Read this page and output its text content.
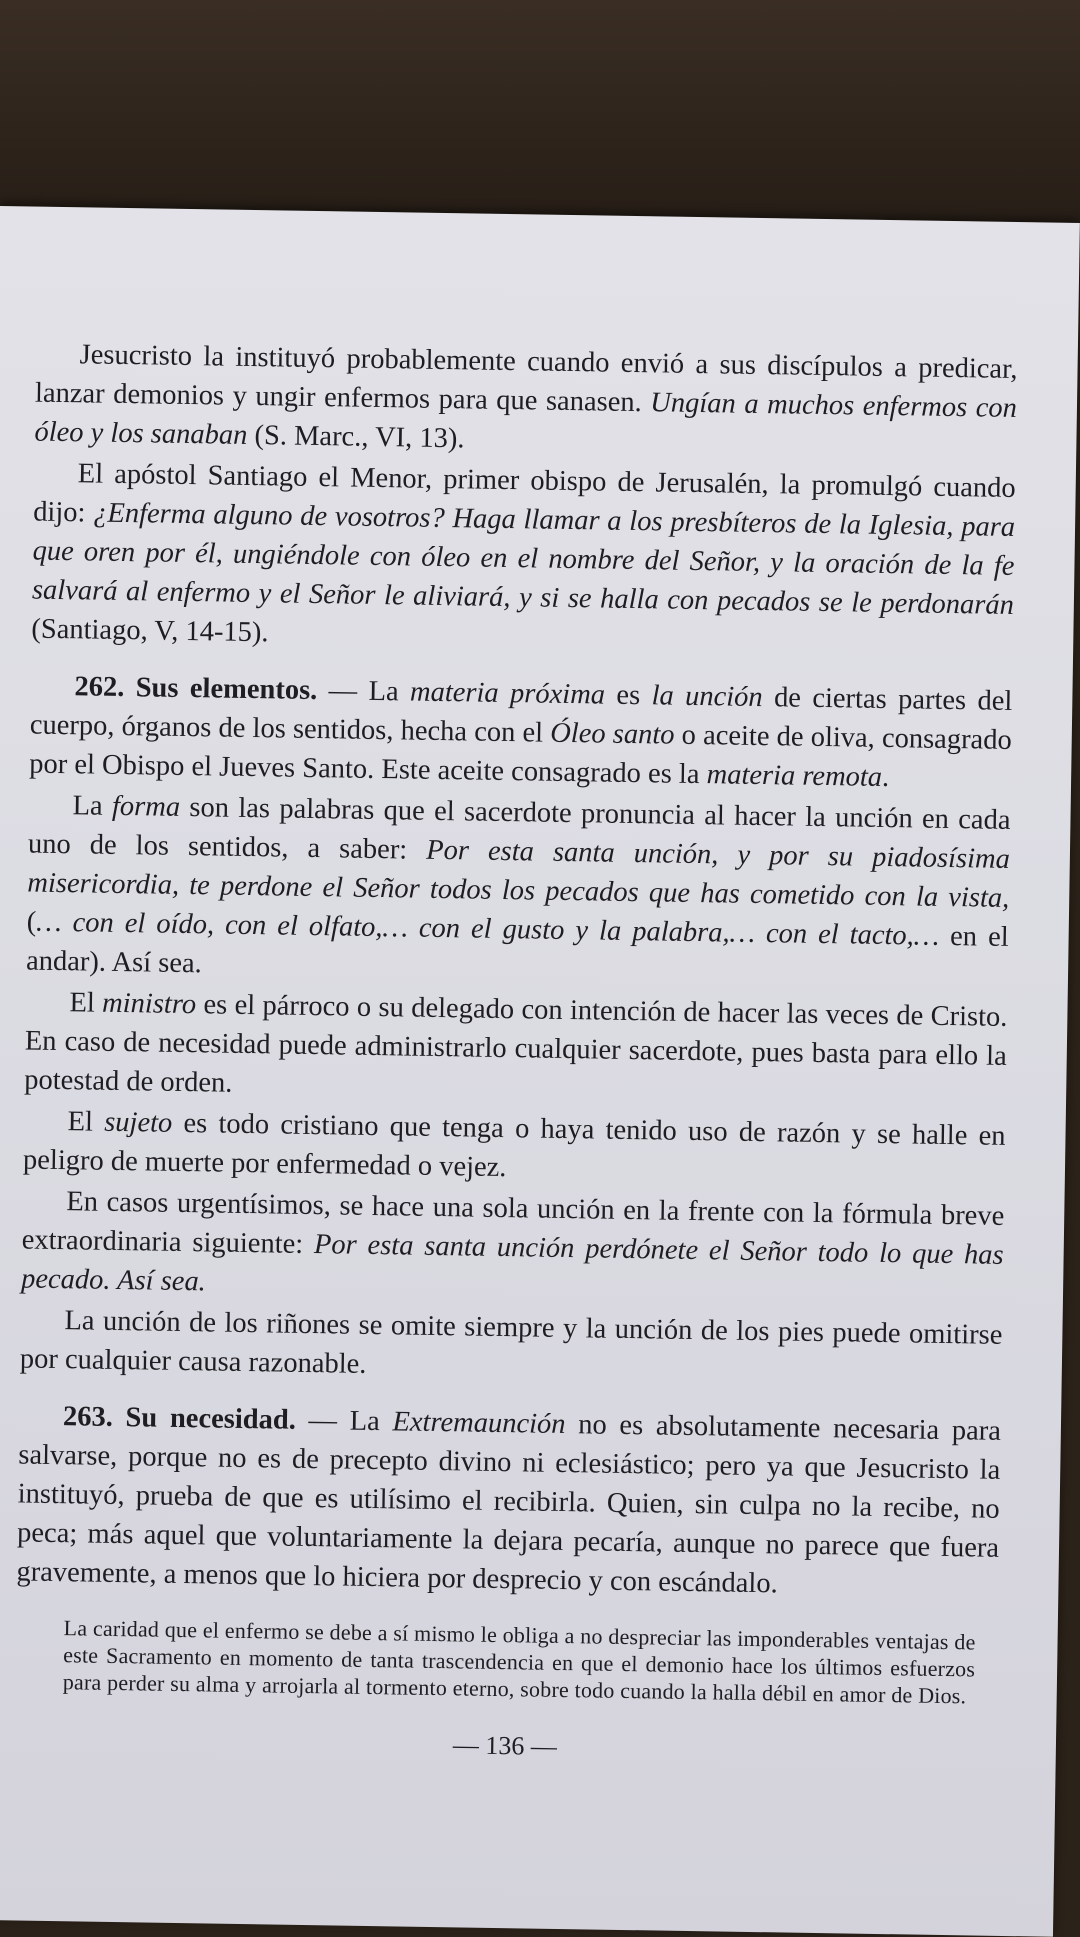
Jesucristo la instituyó probablemente cuando envió a sus discípulos a predicar, lanzar demonios y ungir enfermos para que sanasen. Ungían a muchos enfermos con óleo y los sanaban (S. Marc., VI, 13).

El apóstol Santiago el Menor, primer obispo de Jerusalén, la promulgó cuando dijo: ¿Enferma alguno de vosotros? Haga llamar a los presbíteros de la Iglesia, para que oren por él, ungiéndole con óleo en el nombre del Señor, y la oración de la fe salvará al enfermo y el Señor le aliviará, y si se halla con pecados se le perdonarán (Santiago, V, 14-15).

262. Sus elementos. — La materia próxima es la unción de ciertas partes del cuerpo, órganos de los sentidos, hecha con el Óleo santo o aceite de oliva, consagrado por el Obispo el Jueves Santo. Este aceite consagrado es la materia remota.

La forma son las palabras que el sacerdote pronuncia al hacer la unción en cada uno de los sentidos, a saber: Por esta santa unción, y por su piadosísima misericordia, te perdone el Señor todos los pecados que has cometido con la vista, (… con el oído, con el olfato,… con el gusto y la palabra,… con el tacto,… en el andar). Así sea.

El ministro es el párroco o su delegado con intención de hacer las veces de Cristo. En caso de necesidad puede administrarlo cualquier sacerdote, pues basta para ello la potestad de orden.

El sujeto es todo cristiano que tenga o haya tenido uso de razón y se halle en peligro de muerte por enfermedad o vejez.

En casos urgentísimos, se hace una sola unción en la frente con la fórmula breve extraordinaria siguiente: Por esta santa unción perdónete el Señor todo lo que has pecado. Así sea.

La unción de los riñones se omite siempre y la unción de los pies puede omitirse por cualquier causa razonable.

263. Su necesidad. — La Extremaunción no es absolutamente necesaria para salvarse, porque no es de precepto divino ni eclesiástico; pero ya que Jesucristo la instituyó, prueba de que es utilísimo el recibirla. Quien, sin culpa no la recibe, no peca; más aquel que voluntariamente la dejara pecaría, aunque no parece que fuera gravemente, a menos que lo hiciera por desprecio y con escándalo.

La caridad que el enfermo se debe a sí mismo le obliga a no despreciar las imponderables ventajas de este Sacramento en momento de tanta trascendencia en que el demonio hace los últimos esfuerzos para perder su alma y arrojarla al tormento eterno, sobre todo cuando la halla débil en amor de Dios.

— 136 —
